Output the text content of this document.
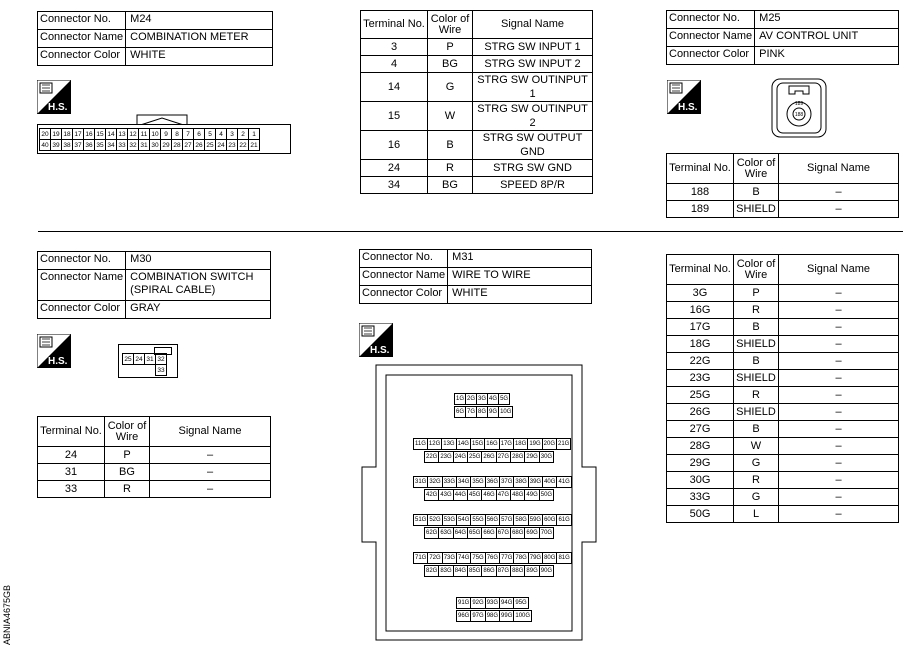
Connector No.	M24
Connector Name	COMBINATION METER
Connector Color	WHITE
H.S.
20	19	18	17	16	15	14	13	12	11	10	9	8	7	6	5	4	3	2	1
40	39	38	37	36	35	34	33	32	31	30	29	28	27	26	25	24	23	22	21
Terminal No.	Color of Wire	Signal Name
3	P	STRG SW INPUT 1
4	BG	STRG SW INPUT 2
14	G	STRG SW OUTINPUT 1
15	W	STRG SW OUTINPUT 2
16	B	STRG SW OUTPUT GND
24	R	STRG SW GND
34	BG	SPEED 8P/R
Connector No.	M25
Connector Name	AV CONTROL UNIT
Connector Color	PINK
H.S.	189
188
Terminal No.	Color of Wire	Signal Name
188	B	–
189	SHIELD	–
Connector No.	M30
Connector Name	COMBINATION SWITCH (SPIRAL CABLE)
Connector Color	GRAY
H.S.	25	24	31	32
			33
Terminal No.	Color of Wire	Signal Name
24	P	–
31	BG	–
33	R	–
Connector No.	M31
Connector Name	WIRE TO WIRE
Connector Color	WHITE
H.S.
1G 2G 3G 4G 5G
6G 7G 8G 9G 10G
11G 12G 13G 14G 15G 16G 17G 18G 19G 20G 21G
22G 23G 24G 25G 26G 27G 28G 29G 30G
31G 32G 33G 34G 35G 36G 37G 38G 39G 40G 41G
42G 43G 44G 45G 46G 47G 48G 49G 50G
51G 52G 53G 54G 55G 56G 57G 58G 59G 60G 61G
62G 63G 64G 65G 66G 67G 68G 69G 70G
71G 72G 73G 74G 75G 76G 77G 78G 79G 80G 81G
82G 83G 84G 85G 86G 87G 88G 89G 90G
91G 92G 93G 94G 95G
96G 97G 98G 99G 100G
Terminal No.	Color of Wire	Signal Name
3G	P	–
16G	R	–
17G	B	–
18G	SHIELD	–
22G	B	–
23G	SHIELD	–
25G	R	–
26G	SHIELD	–
27G	B	–
28G	W	–
29G	G	–
30G	R	–
33G	G	–
50G	L	–
ABNIA4675GB
